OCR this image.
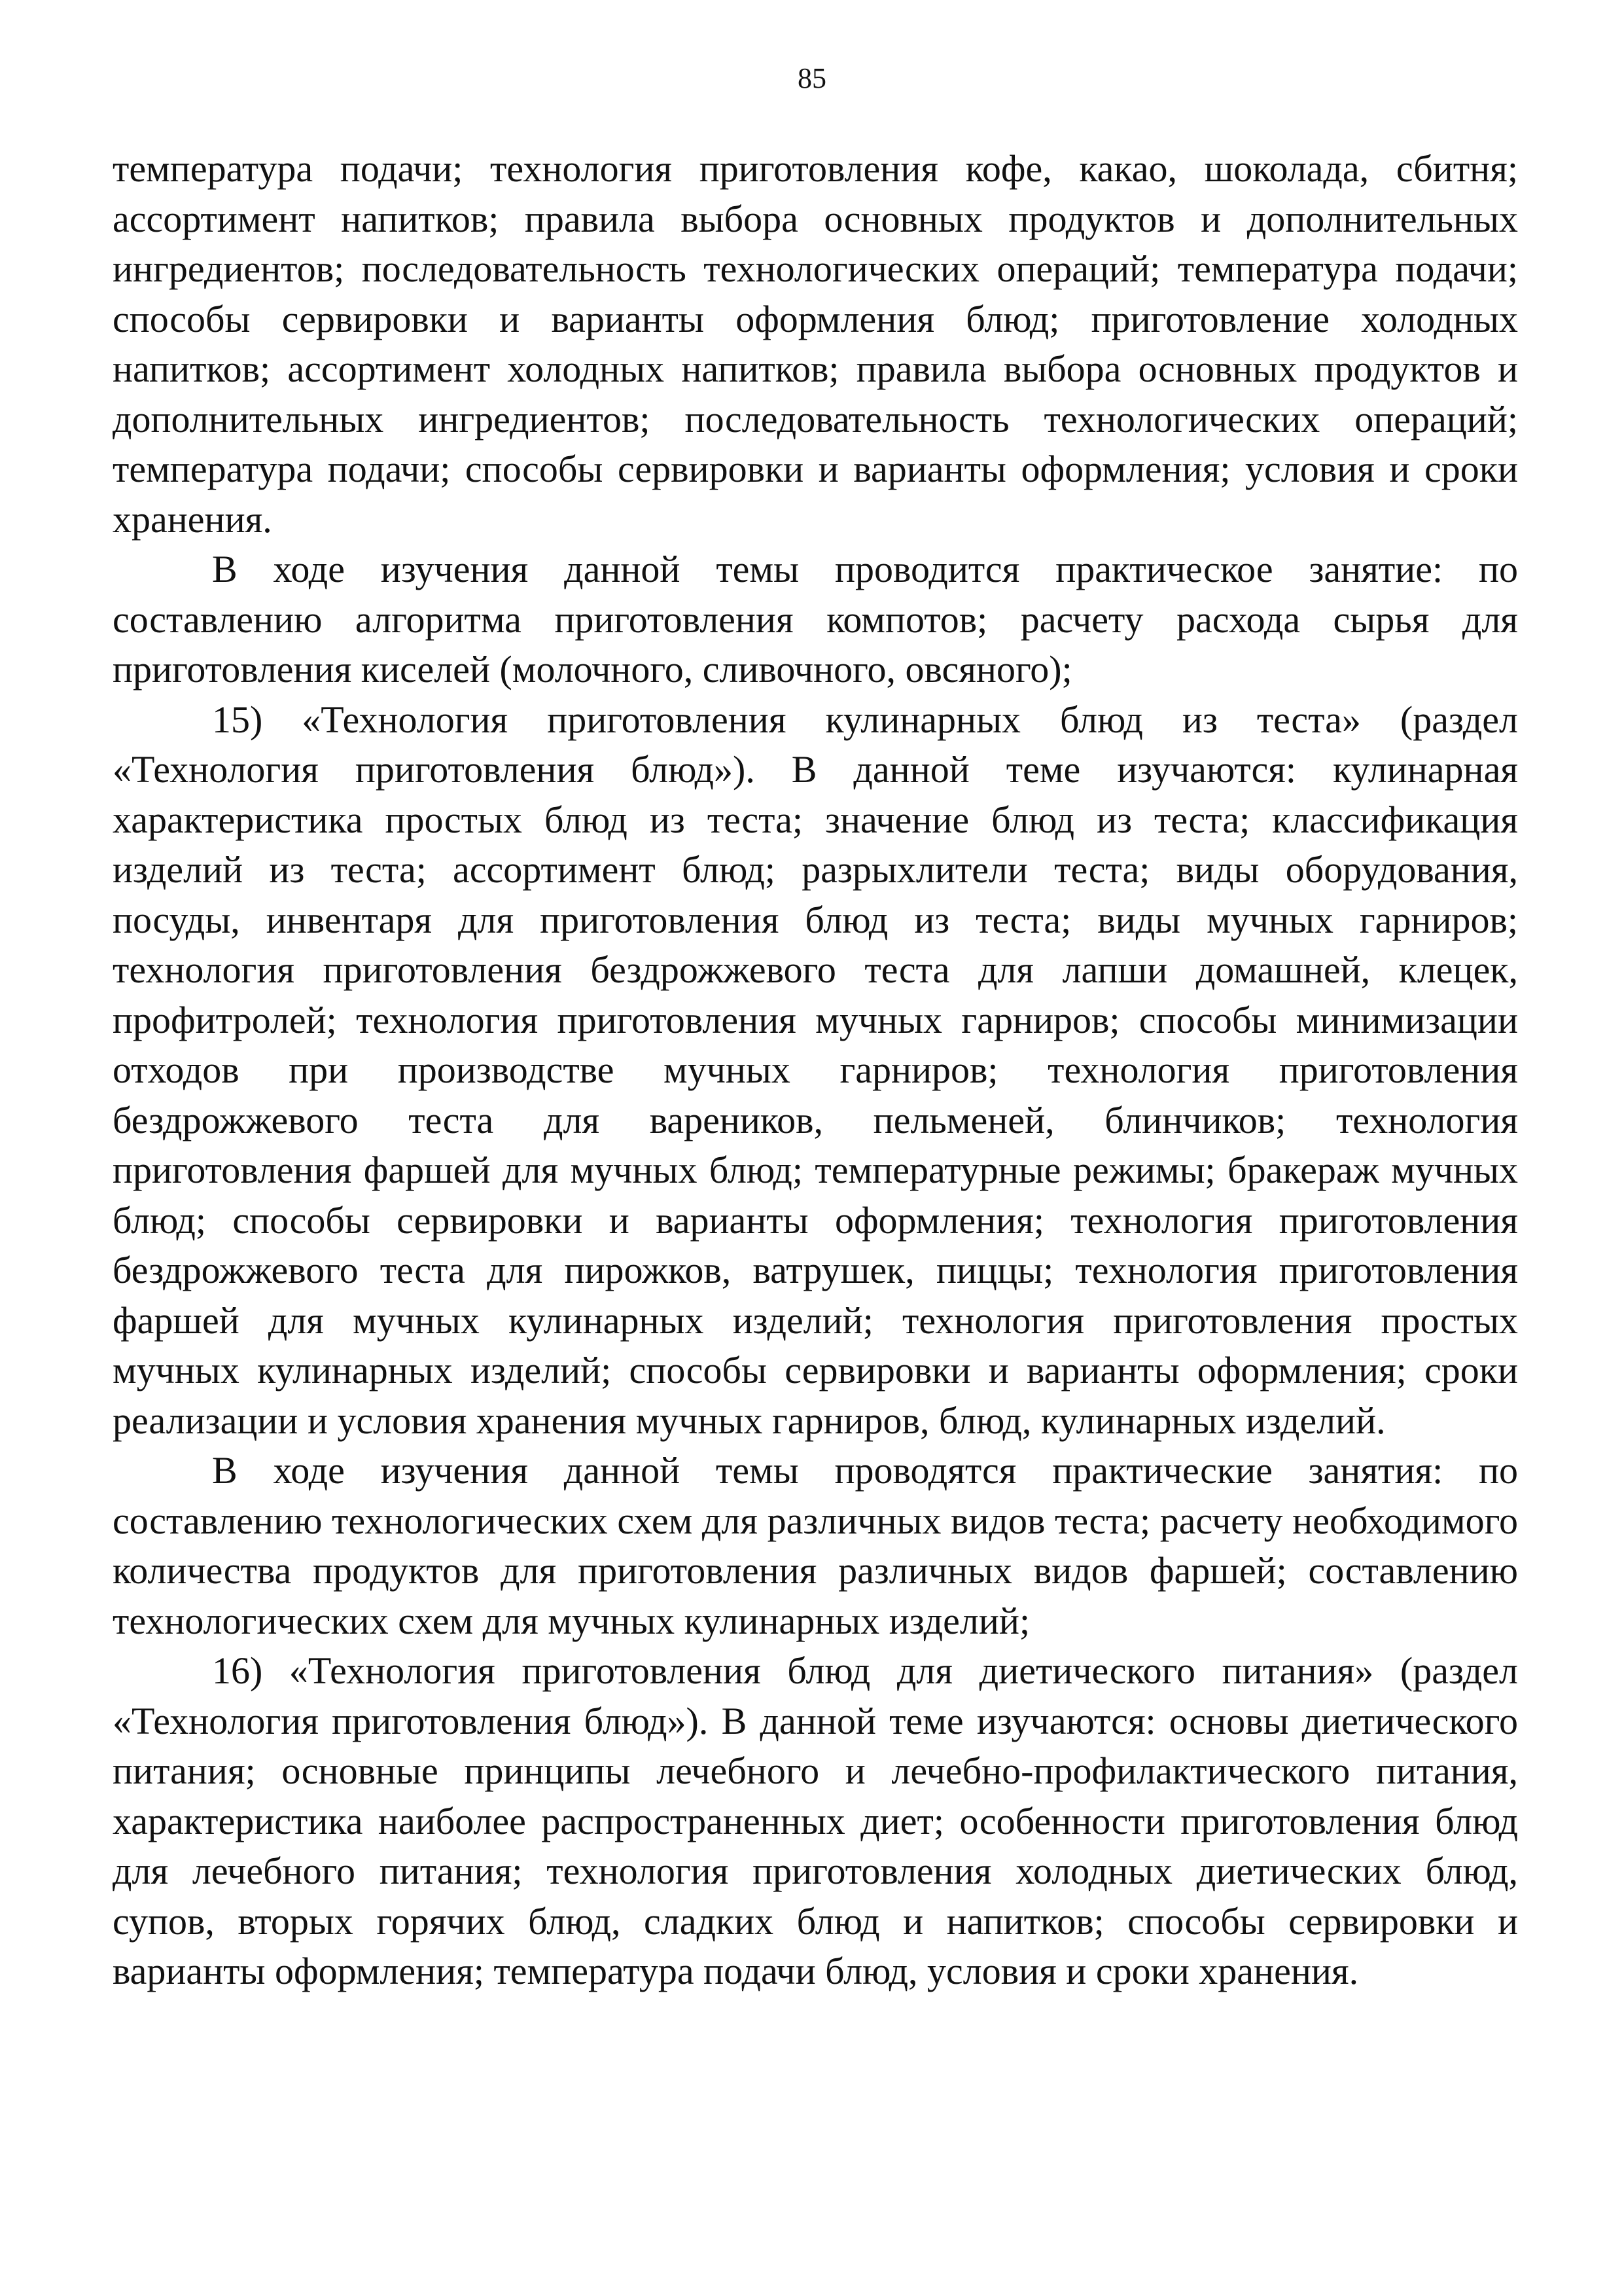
85

температура подачи; технология приготовления кофе, какао, шоколада, сбитня; ассортимент напитков; правила выбора основных продуктов и дополнительных ингредиентов; последовательность технологических операций; температура подачи; способы сервировки и варианты оформления блюд; приготовление холодных напитков; ассортимент холодных напитков; правила выбора основных продуктов и дополнительных ингредиентов; последовательность технологических операций; температура подачи; способы сервировки и варианты оформления; условия и сроки хранения.

В ходе изучения данной темы проводится практическое занятие: по составлению алгоритма приготовления компотов; расчету расхода сырья для приготовления киселей (молочного, сливочного, овсяного);

15) «Технология приготовления кулинарных блюд из теста» (раздел «Технология приготовления блюд»). В данной теме изучаются: кулинарная характеристика простых блюд из теста; значение блюд из теста; классификация изделий из теста; ассортимент блюд; разрыхлители теста; виды оборудования, посуды, инвентаря для приготовления блюд из теста; виды мучных гарниров; технология приготовления бездрожжевого теста для лапши домашней, клецек, профитролей; технология приготовления мучных гарниров; способы минимизации отходов при производстве мучных гарниров; технология приготовления бездрожжевого теста для вареников, пельменей, блинчиков; технология приготовления фаршей для мучных блюд; температурные режимы; бракераж мучных блюд; способы сервировки и варианты оформления; технология приготовления бездрожжевого теста для пирожков, ватрушек, пиццы; технология приготовления фаршей для мучных кулинарных изделий; технология приготовления простых мучных кулинарных изделий; способы сервировки и варианты оформления; сроки реализации и условия хранения мучных гарниров, блюд, кулинарных изделий.

В ходе изучения данной темы проводятся практические занятия: по составлению технологических схем для различных видов теста; расчету необходимого количества продуктов для приготовления различных видов фаршей; составлению технологических схем для мучных кулинарных изделий;

16) «Технология приготовления блюд для диетического питания» (раздел «Технология приготовления блюд»). В данной теме изучаются: основы диетического питания; основные принципы лечебного и лечебно-профилактического питания, характеристика наиболее распространенных диет; особенности приготовления блюд для лечебного питания; технология приготовления холодных диетических блюд, супов, вторых горячих блюд, сладких блюд и напитков; способы сервировки и варианты оформления; температура подачи блюд, условия и сроки хранения.
